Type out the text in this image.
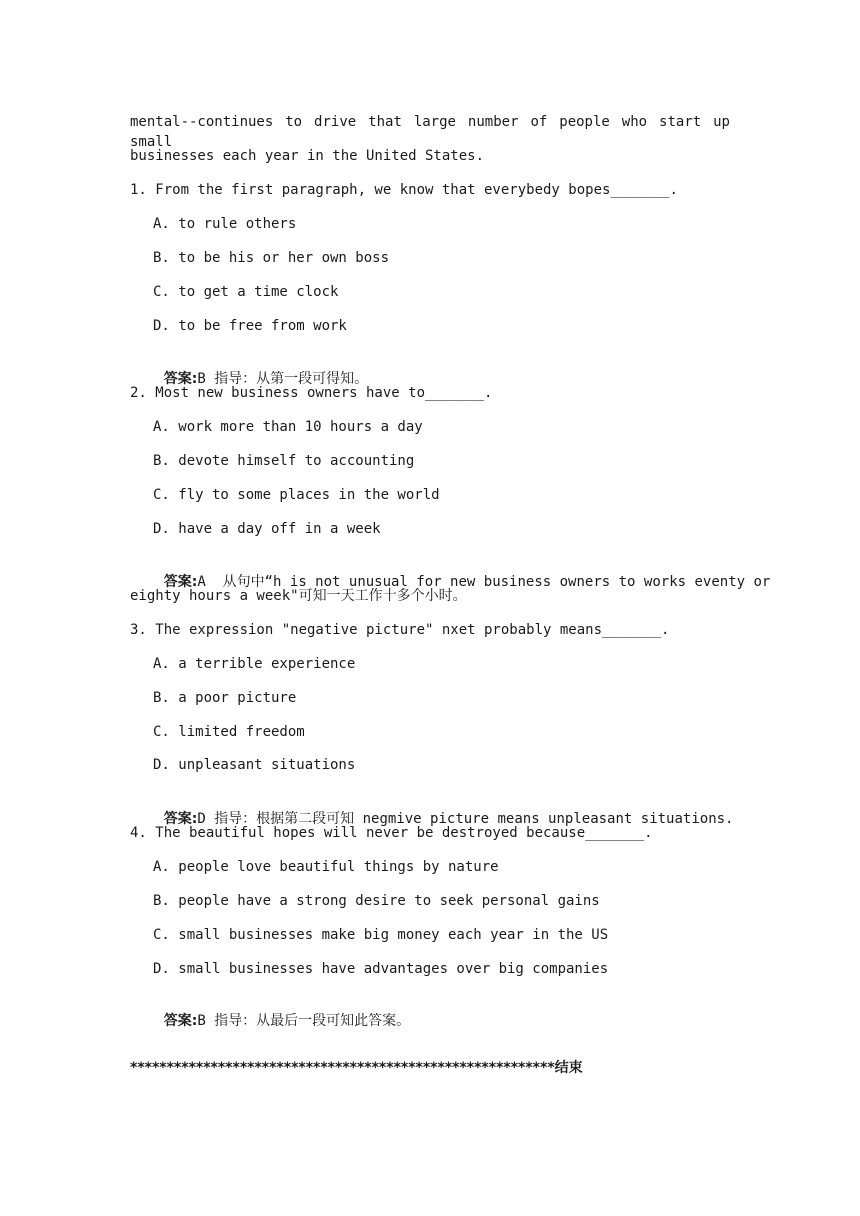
mental--continues to drive that large number of people who start up small
businesses each year in the United States.
1. From the first paragraph, we know that everybedy bopes_______.
A. to rule others
B. to be his or her own boss
C. to get a time clock
D. to be free from work

答案:B 指导：从第一段可得知。

2. Most new business owners have to_______.
A. work more than 10 hours a day
B. devote himself to accounting
C. fly to some places in the world
D. have a day off in a week

答案:A  从句中“h is not unusual for new business owners to works eventy or

eighty hours a week"可知一天工作十多个小时。
3. The expression "negative picture" nxet probably means_______.
A. a terrible experience
B. a poor picture
C. limited freedom
D. unpleasant situations

答案:D 指导：根据第二段可知 negmive picture means unpleasant situations.

4. The beautiful hopes will never be destroyed because_______.
A. people love beautiful things by nature
B. people have a strong desire to seek personal gains
C. small businesses make big money each year in the US
D. small businesses have advantages over big companies

答案:B 指导：从最后一段可知此答案。

**********************************************************结束
